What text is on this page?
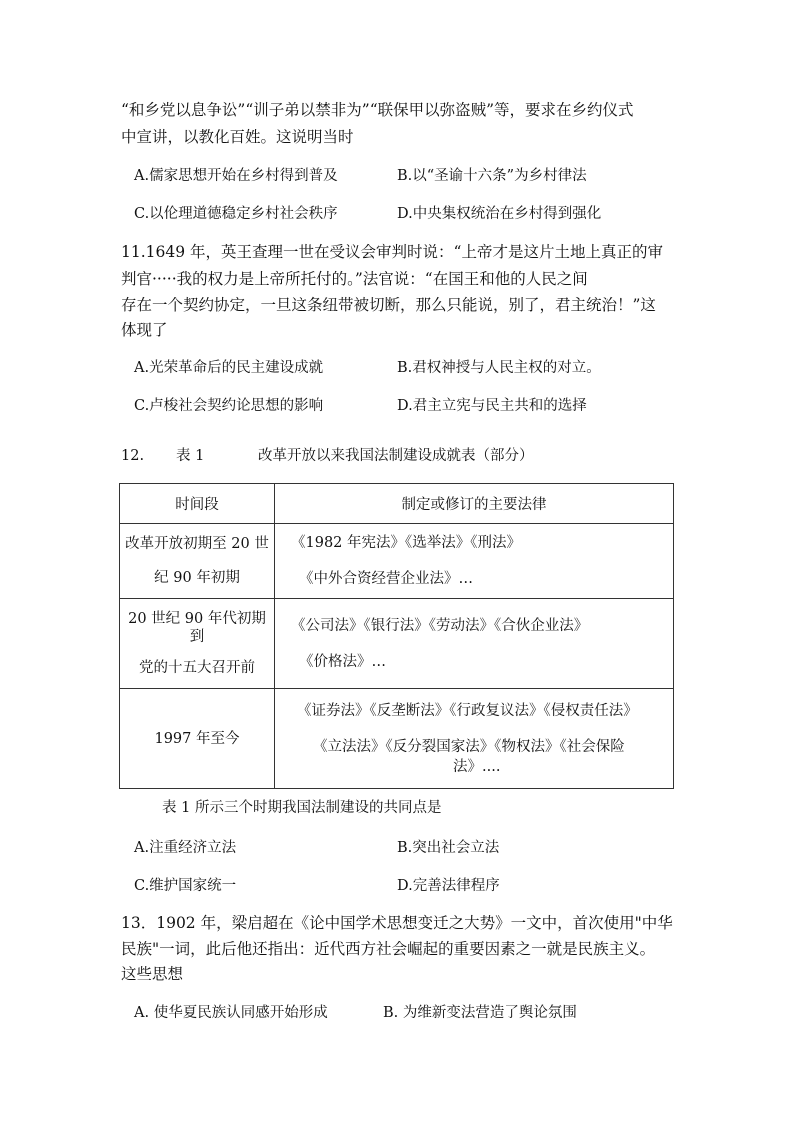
“和乡党以息争讼”“训子弟以禁非为”“联保甲以弥盗贼”等，要求在乡约仪式
中宣讲，以教化百姓。这说明当时
A.儒家思想开始在乡村得到普及	B.以“圣谕十六条”为乡村律法
C.以伦理道德稳定乡村社会秩序	D.中央集权统治在乡村得到强化
11.1649 年，英王查理一世在受议会审判时说：“上帝才是这片土地上真正的审
判官·····我的权力是上帝所托付的。”法官说：“在国王和他的人民之间
存在一个契约协定，一旦这条纽带被切断，那么只能说，别了，君主统治！”这
体现了
A.光荣革命后的民主建设成就	B.君权神授与人民主权的对立。
C.卢梭社会契约论思想的影响	D.君主立宪与民主共和的选择
12. 表 1	改革开放以来我国法制建设成就表（部分）
时间段	制定或修订的主要法律

改革开放初期至 20 世
纪 90 年初期	《1982 年宪法》《选举法》《刑法》
《中外合资经营企业法》…

20 世纪 90 年代初期
到
党的十五大召开前	《公司法》《银行法》《劳动法》《合伙企业法》
《价格法》…

1997 年至今	《证券法》《反垄断法》《行政复议法》《侵权责任法》
《立法法》《反分裂国家法》《物权法》《社会保险
法》....
表 1 所示三个时期我国法制建设的共同点是
A.注重经济立法	B.突出社会立法
C.维护国家统一	D.完善法律程序
13．1902 年，梁启超在《论中国学术思想变迁之大势》一文中，首次使用"中华
民族"一词，此后他还指出：近代西方社会崛起的重要因素之一就是民族主义。
这些思想
A. 使华夏民族认同感开始形成	B. 为维新变法营造了舆论氛围
